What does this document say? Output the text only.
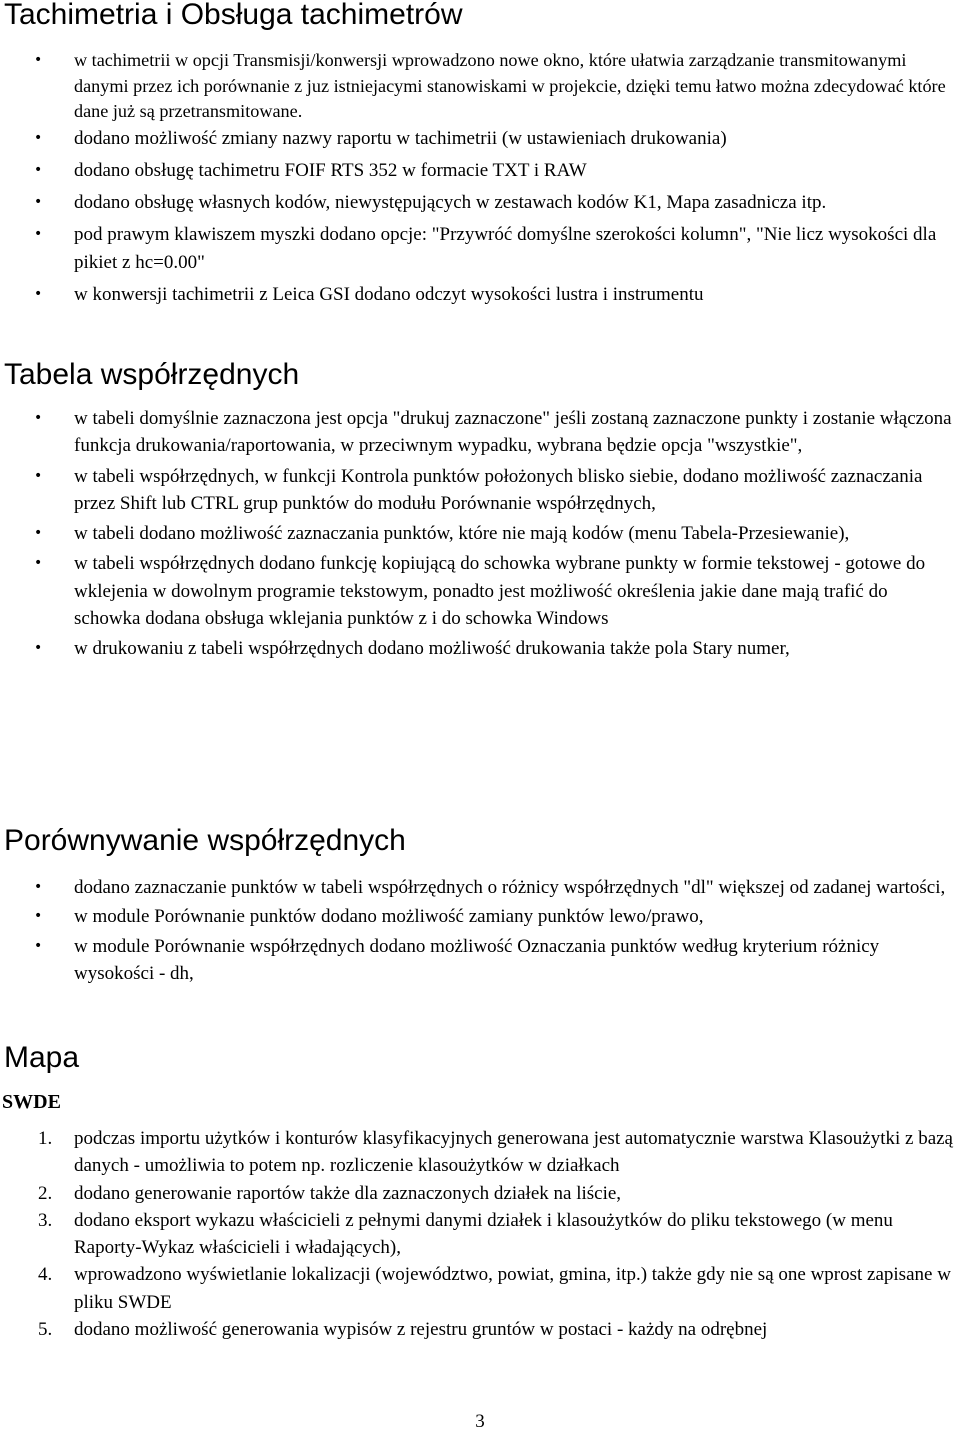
Tachimetria i Obsługa tachimetrów
• w tachimetrii w opcji Transmisji/konwersji wprowadzono nowe okno, które ułatwia zarządzanie transmitowanymi danymi przez ich porównanie z juz istniejacymi stanowiskami w projekcie, dzięki temu łatwo można zdecydować które dane już są przetransmitowane.
• dodano możliwość zmiany nazwy raportu w tachimetrii (w ustawieniach drukowania)
• dodano obsługę tachimetru FOIF RTS 352 w formacie TXT i RAW
• dodano obsługę własnych kodów, niewystępujących w zestawach kodów K1, Mapa zasadnicza itp.
• pod prawym klawiszem myszki dodano opcje: "Przywróć domyślne szerokości kolumn", "Nie licz wysokości dla pikiet z hc=0.00"
• w konwersji tachimetrii z Leica GSI dodano odczyt wysokości lustra i instrumentu
Tabela współrzędnych
• w tabeli domyślnie zaznaczona jest opcja "drukuj zaznaczone" jeśli zostaną zaznaczone punkty i zostanie włączona funkcja drukowania/raportowania, w przeciwnym wypadku, wybrana będzie opcja "wszystkie",
• w tabeli współrzędnych, w funkcji Kontrola punktów położonych blisko siebie, dodano możliwość zaznaczania przez Shift lub CTRL grup punktów do modułu Porównanie współrzędnych,
• w tabeli dodano możliwość zaznaczania punktów, które nie mają kodów (menu Tabela-Przesiewanie),
• w tabeli współrzędnych dodano funkcję kopiującą do schowka wybrane punkty w formie tekstowej - gotowe do wklejenia w dowolnym programie tekstowym, ponadto jest możliwość określenia jakie dane mają trafić do schowka dodana obsługa wklejania punktów z i do schowka Windows
• w drukowaniu z tabeli współrzędnych dodano możliwość drukowania także pola Stary numer,
Porównywanie współrzędnych
• dodano zaznaczanie punktów w tabeli współrzędnych o różnicy współrzędnych "dl" większej od zadanej wartości,
• w module Porównanie punktów dodano możliwość zamiany punktów lewo/prawo,
• w module Porównanie współrzędnych dodano możliwość Oznaczania punktów według kryterium różnicy wysokości - dh,
Mapa
SWDE
1. podczas importu użytków i konturów klasyfikacyjnych generowana jest automatycznie warstwa Klasoużytki z bazą danych - umożliwia to potem np. rozliczenie klasoużytków w działkach
2. dodano generowanie raportów także dla zaznaczonych działek na liście,
3. dodano eksport wykazu właścicieli z pełnymi danymi działek i klasoużytków do pliku tekstowego (w menu Raporty-Wykaz właścicieli i władających),
4. wprowadzono wyświetlanie lokalizacji (województwo, powiat, gmina, itp.) także gdy nie są one wprost zapisane w pliku SWDE
5. dodano możliwość generowania wypisów z rejestru gruntów w postaci - każdy na odrębnej
3
